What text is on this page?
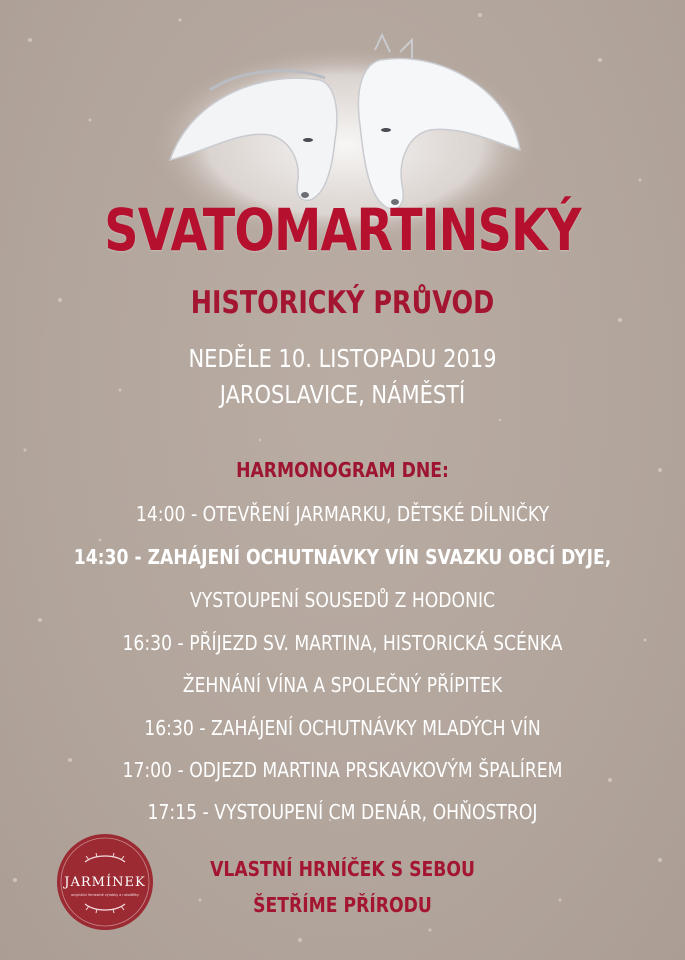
SVATOMARTINSKÝ
HISTORICKÝ PRŮVOD
NEDĚLE 10. LISTOPADU 2019
JAROSLAVICE, NÁMĚSTÍ
HARMONOGRAM DNE:
14:00 - OTEVŘENÍ JARMARKU, DĚTSKÉ DÍLNIČKY
14:30 - ZAHÁJENÍ OCHUTNÁVKY VÍN SVAZKU OBCÍ DYJE,
VYSTOUPENÍ SOUSEDŮ Z HODONIC
16:30 - PŘÍJEZD SV. MARTINA, HISTORICKÁ SCÉNKA
ŽEHNÁNÍ VÍNA A SPOLEČNÝ PŘÍPITEK
16:30 - ZAHÁJENÍ OCHUTNÁVKY MLADÝCH VÍN
17:00 - ODJEZD MARTINA PRSKAVKOVÝM ŠPALÍREM
17:15 - VYSTOUPENÍ CM DENÁR, OHŇOSTROJ
VLASTNÍ HRNÍČEK S SEBOU
ŠETŘÍME PŘÍRODU
JARMÍNEK
originální řemeslné výrobky a rukodělky
